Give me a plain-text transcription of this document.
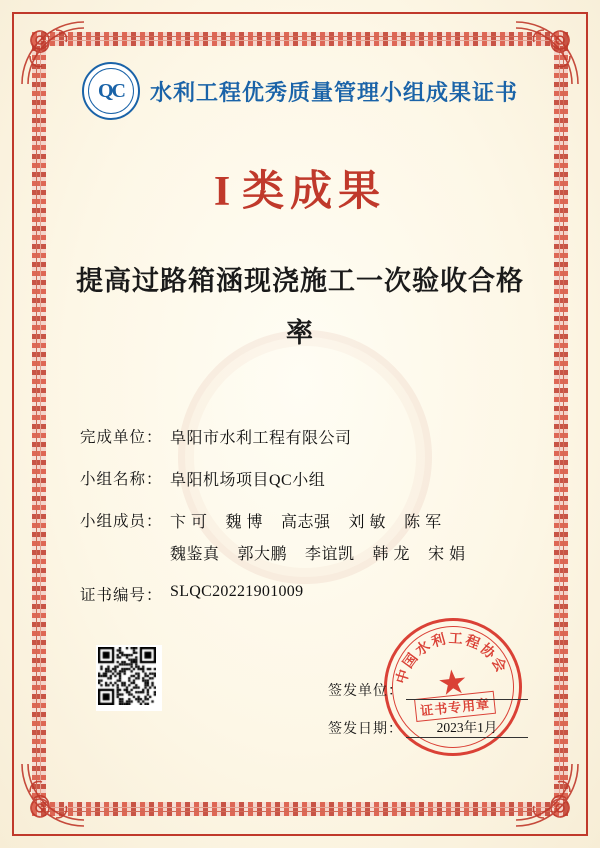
QC 水利工程优秀质量管理小组成果证书
I 类成果
提高过路箱涵现浇施工一次验收合格率
完成单位： 阜阳市水利工程有限公司
小组名称： 阜阳机场项目QC小组
小组成员： 卞 可 魏 博 高志强 刘 敏 陈 军
魏鉴真 郭大鹏 李谊凯 韩 龙 宋 娟
证书编号： SLQC20221901009
中国水利工程协会
★
证书专用章
签发单位：
签发日期：	2023年1月
